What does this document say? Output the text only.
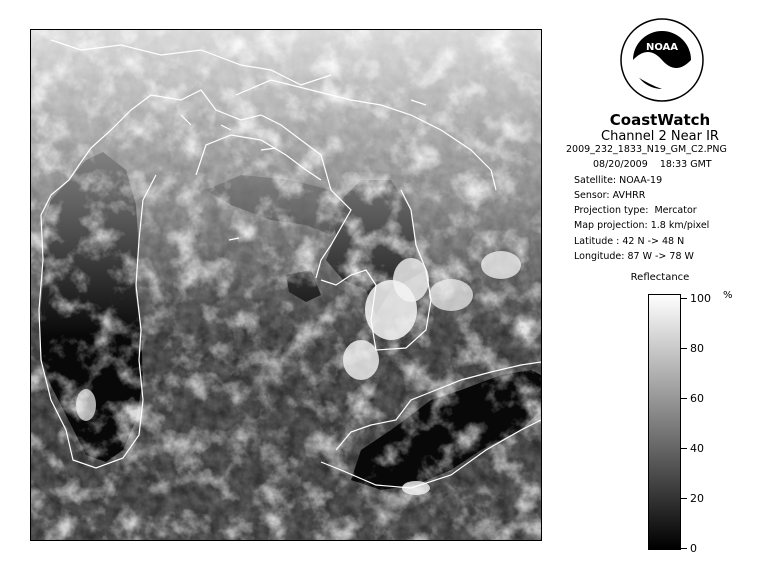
NOAA
CoastWatch
Channel 2 Near IR
2009_232_1833_N19_GM_C2.PNG
08/20/2009    18:33 GMT
Satellite: NOAA-19
Sensor: AVHRR
Projection type:  Mercator
Map projection: 1.8 km/pixel
Latitude : 42 N -> 48 N
Longitude: 87 W -> 78 W
Reflectance
%
100
80
60
40
20
0
